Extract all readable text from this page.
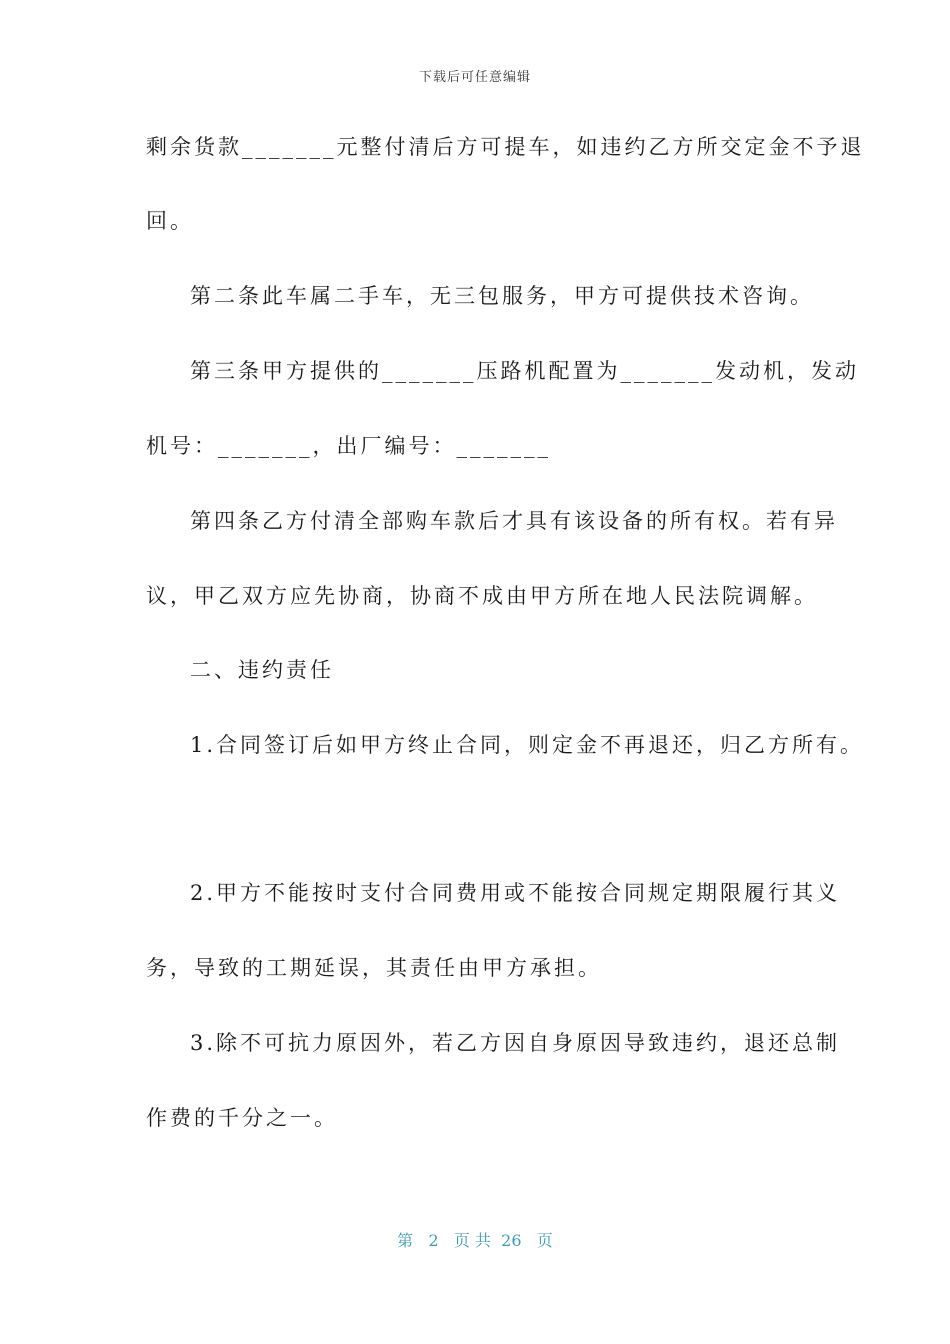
下载后可任意编辑
剩余货款_______元整付清后方可提车，如违约乙方所交定金不予退
回。
第二条此车属二手车，无三包服务，甲方可提供技术咨询。
第三条甲方提供的_______压路机配置为_______发动机，发动
机号：_______，出厂编号：_______
第四条乙方付清全部购车款后才具有该设备的所有权。若有异
议，甲乙双方应先协商，协商不成由甲方所在地人民法院调解。
二、违约责任
1.合同签订后如甲方终止合同，则定金不再退还，归乙方所有。
2.甲方不能按时支付合同费用或不能按合同规定期限履行其义
务，导致的工期延误，其责任由甲方承担。
3.除不可抗力原因外，若乙方因自身原因导致违约，退还总制
作费的千分之一。
第 2 页 共 26 页
